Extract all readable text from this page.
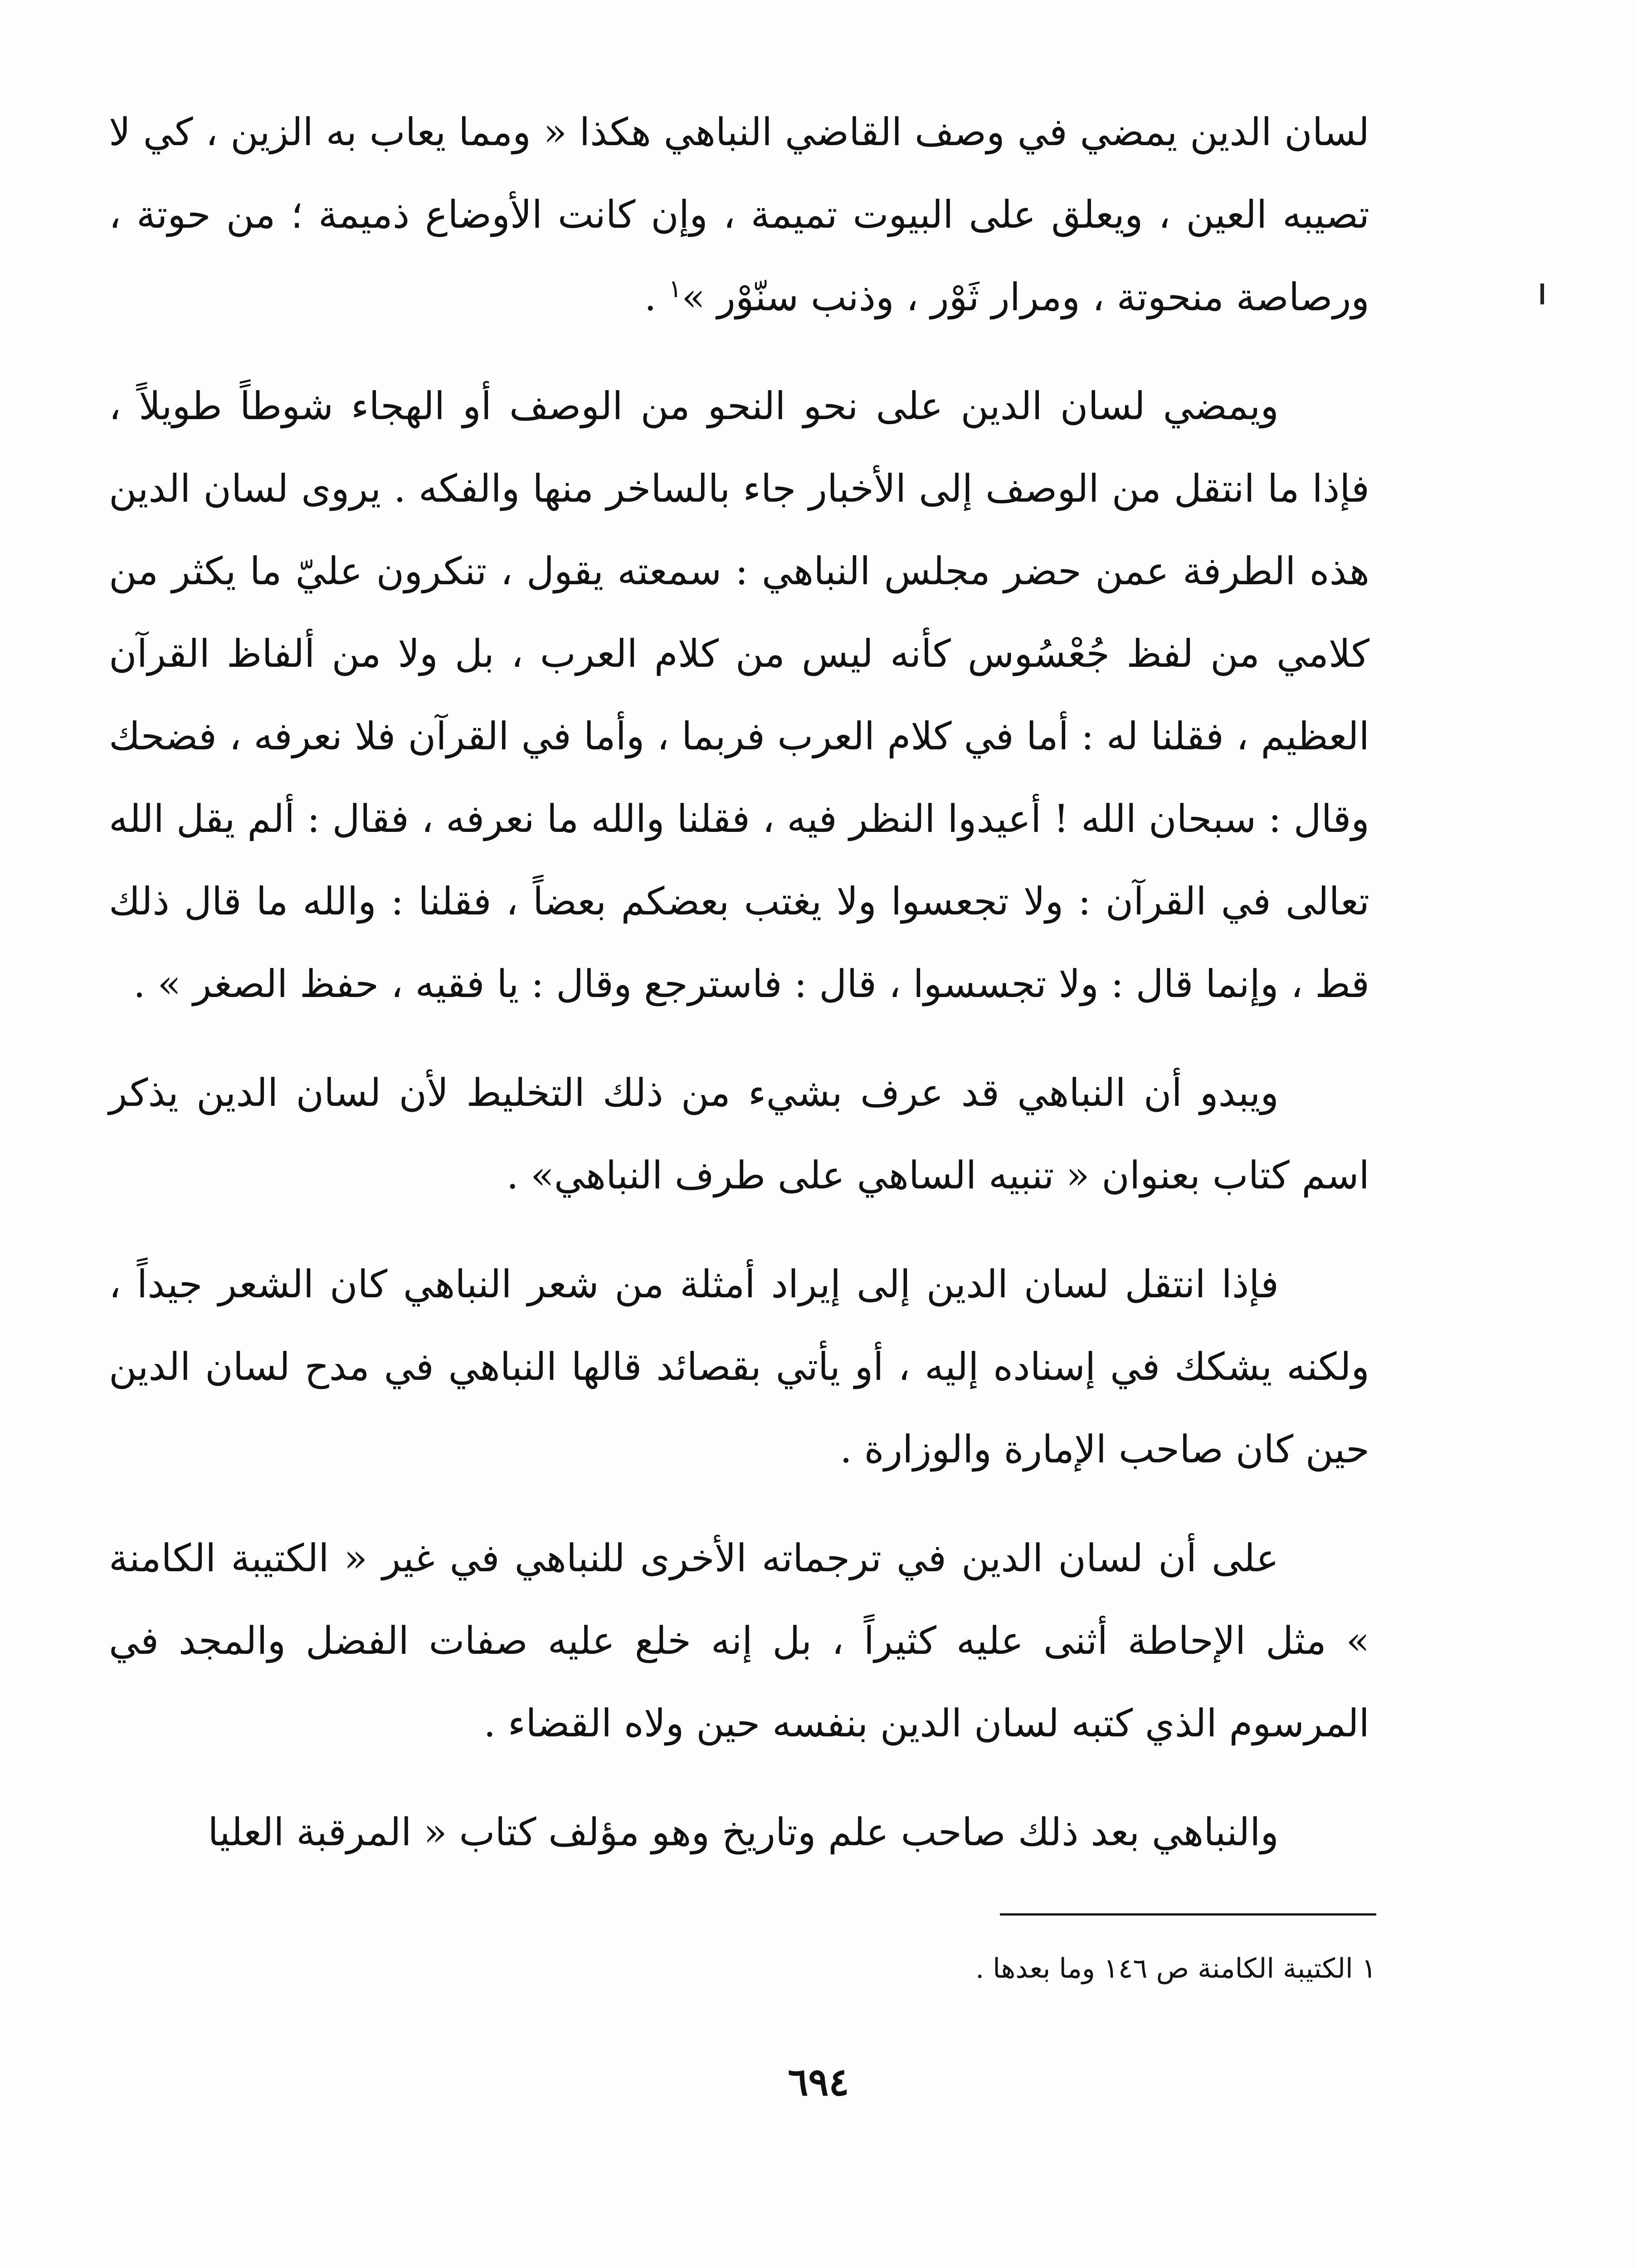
لسان الدين يمضي في وصف القاضي النباهي هكذا « ومما يعاب به الزين ، كي لا تصيبه العين ، ويعلق على البيوت تميمة ، وإن كانت الأوضاع ذميمة ؛ من حوتة ، ورصاصة منحوتة ، ومرار ثَوْر ، وذنب سنّوْر »$^١$ .

ويمضي لسان الدين على نحو النحو من الوصف أو الهجاء شوطاً طويلاً ، فإذا ما انتقل من الوصف إلى الأخبار جاء بالساخر منها والفكه . يروى لسان الدين هذه الطرفة عمن حضر مجلس النباهي : سمعته يقول ، تنكرون عليّ ما يكثر من كلامي من لفظ جُعْسُوس كأنه ليس من كلام العرب ، بل ولا من ألفاظ القرآن العظيم ، فقلنا له : أما في كلام العرب فربما ، وأما في القرآن فلا نعرفه ، فضحك وقال : سبحان الله ! أعيدوا النظر فيه ، فقلنا والله ما نعرفه ، فقال : ألم يقل الله تعالى في القرآن : ولا تجعسوا ولا يغتب بعضكم بعضاً ، فقلنا : والله ما قال ذلك قط ، وإنما قال : ولا تجسسوا ، قال : فاسترجع وقال : يا فقيه ، حفظ الصغر » .

ويبدو أن النباهي قد عرف بشيء من ذلك التخليط لأن لسان الدين يذكر اسم كتاب بعنوان « تنبيه الساهي على طرف النباهي» .

فإذا انتقل لسان الدين إلى إيراد أمثلة من شعر النباهي كان الشعر جيداً ، ولكنه يشكك في إسناده إليه ، أو يأتي بقصائد قالها النباهي في مدح لسان الدين حين كان صاحب الإمارة والوزارة .

على أن لسان الدين في ترجماته الأخرى للنباهي في غير « الكتيبة الكامنة » مثل الإحاطة أثنى عليه كثيراً ، بل إنه خلع عليه صفات الفضل والمجد في المرسوم الذي كتبه لسان الدين بنفسه حين ولاه القضاء .

والنباهي بعد ذلك صاحب علم وتاريخ وهو مؤلف كتاب « المرقبة العليا

١ الكتيبة الكامنة ص ١٤٦ وما بعدها .
٦٩٤
